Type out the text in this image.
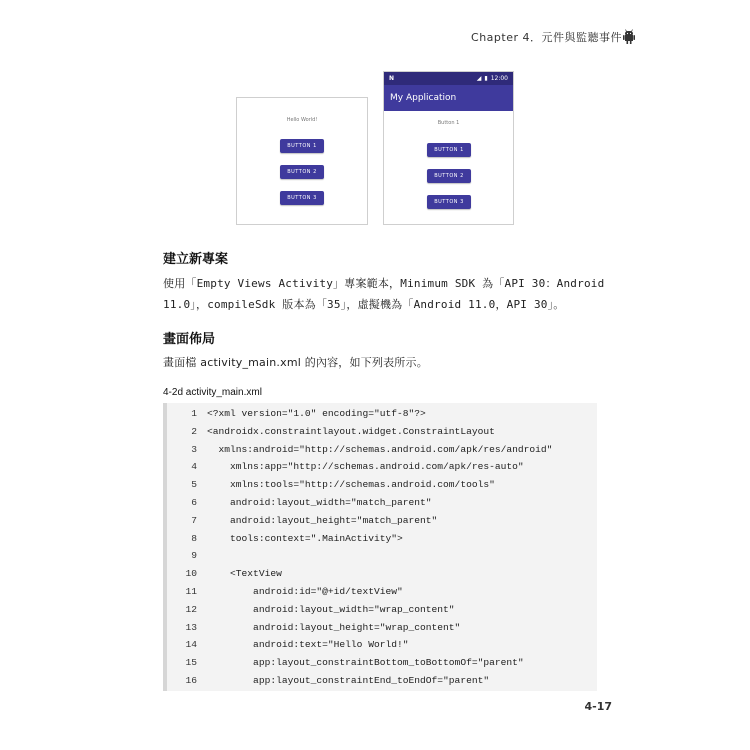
Chapter 4．元件與監聽事件
Hello World!
BUTTON 1
BUTTON 2
BUTTON 3
N	◢ ▮ 12:00
My Application
Button 1
BUTTON 1
BUTTON 2
BUTTON 3
建立新專案
使用「Empty Views Activity」專案範本，Minimum SDK 為「API 30：Android
11.0」，compileSdk 版本為「35」，虛擬機為「Android 11.0，API 30」。
畫面佈局
畫面檔 activity_main.xml 的內容，如下列表所示。
4-2d activity_main.xml
1 <?xml version="1.0" encoding="utf-8"?>
2 <androidx.constraintlayout.widget.ConstraintLayout
3 xmlns:android="http://schemas.android.com/apk/res/android"
4 xmlns:app="http://schemas.android.com/apk/res-auto"
5 xmlns:tools="http://schemas.android.com/tools"
6 android:layout_width="match_parent"
7 android:layout_height="match_parent"
8 tools:context=".MainActivity">
9
10 <TextView
11 android:id="@+id/textView"
12 android:layout_width="wrap_content"
13 android:layout_height="wrap_content"
14 android:text="Hello World!"
15 app:layout_constraintBottom_toBottomOf="parent"
16 app:layout_constraintEnd_toEndOf="parent"
4-17
